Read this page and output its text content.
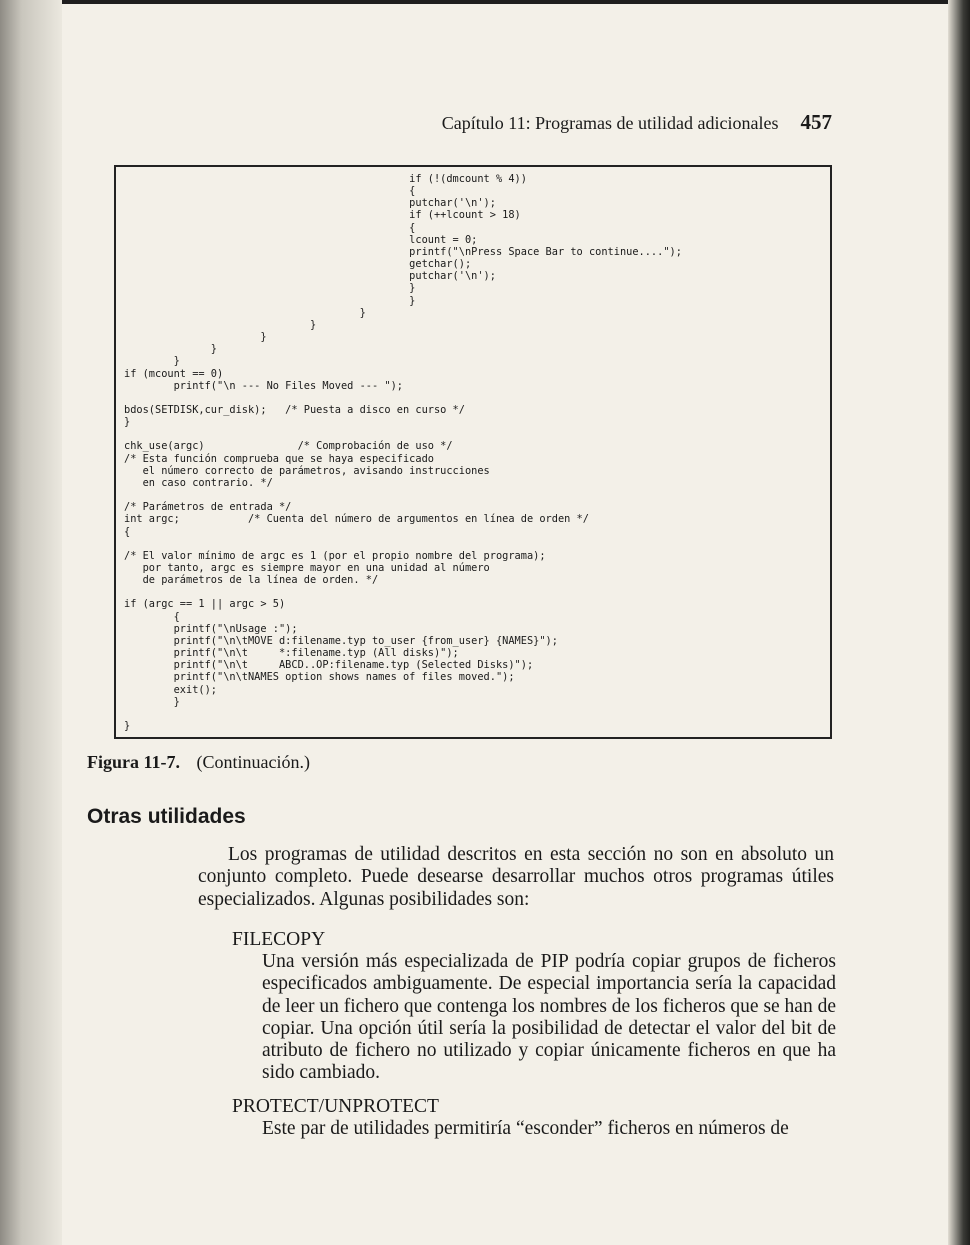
Capítulo 11: Programas de utilidad adicionales 457
if (!(dmcount % 4))
{
putchar('\n');
if (++lcount > 18)
{
lcount = 0;
printf("\nPress Space Bar to continue....");
getchar();
putchar('\n');
}
}
}
}
}
}
}
if (mcount == 0)
printf("\n --- No Files Moved --- ");

bdos(SETDISK,cur_disk);   /* Puesta a disco en curso */
}

chk_use(argc)               /* Comprobación de uso */
/* Esta función comprueba que se haya especificado
el número correcto de parámetros, avisando instrucciones
en caso contrario. */

/* Parámetros de entrada */
int argc;           /* Cuenta del número de argumentos en línea de orden */
{

/* El valor mínimo de argc es 1 (por el propio nombre del programa);
por tanto, argc es siempre mayor en una unidad al número
de parámetros de la línea de orden. */

if (argc == 1 || argc > 5)
{
printf("\nUsage :");
printf("\n\tMOVE d:filename.typ to_user {from_user} {NAMES}");
printf("\n\t     *:filename.typ (All disks)");
printf("\n\t     ABCD..OP:filename.typ (Selected Disks)");
printf("\n\tNAMES option shows names of files moved.");
exit();
}

}
Figura 11-7. (Continuación.)
Otras utilidades

Los programas de utilidad descritos en esta sección no son en absoluto un conjunto completo. Puede desearse desarrollar muchos otros programas útiles especializados. Algunas posibilidades son:

FILECOPY

Una versión más especializada de PIP podría copiar grupos de ficheros especificados ambiguamente. De especial importancia sería la capacidad de leer un fichero que contenga los nombres de los ficheros que se han de copiar. Una opción útil sería la posibilidad de detectar el valor del bit de atributo de fichero no utilizado y copiar únicamente ficheros en que ha sido cambiado.

PROTECT/UNPROTECT

Este par de utilidades permitiría “esconder” ficheros en números de
